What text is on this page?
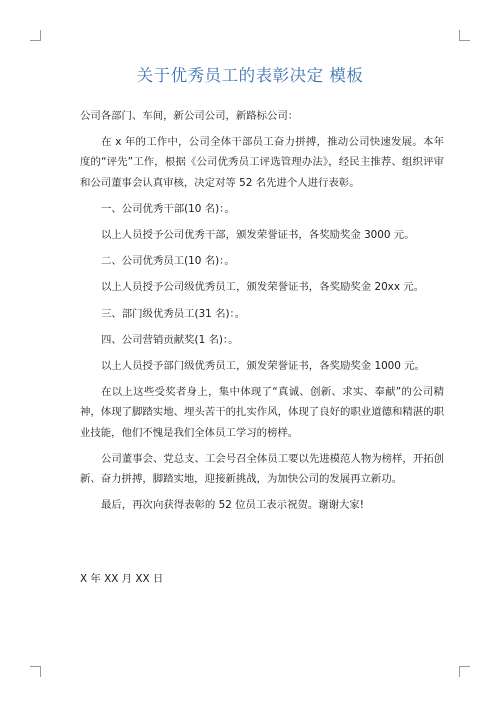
关于优秀员工的表彰决定 模板

公司各部门、车间，新公司公司，新路标公司：

在 x 年的工作中，公司全体干部员工奋力拼搏，推动公司快速发展。本年度的“评先”工作，根据《公司优秀员工评选管理办法》，经民主推荐、组织评审和公司董事会认真审核，决定对等 52 名先进个人进行表彰。

一、公司优秀干部(10 名)：。

以上人员授予公司优秀干部，颁发荣誉证书，各奖励奖金 3000 元。

二、公司优秀员工(10 名)：。

以上人员授予公司级优秀员工，颁发荣誉证书，各奖励奖金 20xx 元。

三、部门级优秀员工(31 名)：。

四、公司营销贡献奖(1 名)：。

以上人员授予部门级优秀员工，颁发荣誉证书，各奖励奖金 1000 元。

在以上这些受奖者身上，集中体现了“真诚、创新、求实、奉献”的公司精神，体现了脚踏实地、埋头苦干的扎实作风，体现了良好的职业道德和精湛的职业技能，他们不愧是我们全体员工学习的榜样。

公司董事会、党总支、工会号召全体员工要以先进模范人物为榜样，开拓创新、奋力拼搏，脚踏实地，迎接新挑战，为加快公司的发展再立新功。

最后，再次向获得表彰的 52 位员工表示祝贺。谢谢大家!

X 年 XX 月 XX 日
